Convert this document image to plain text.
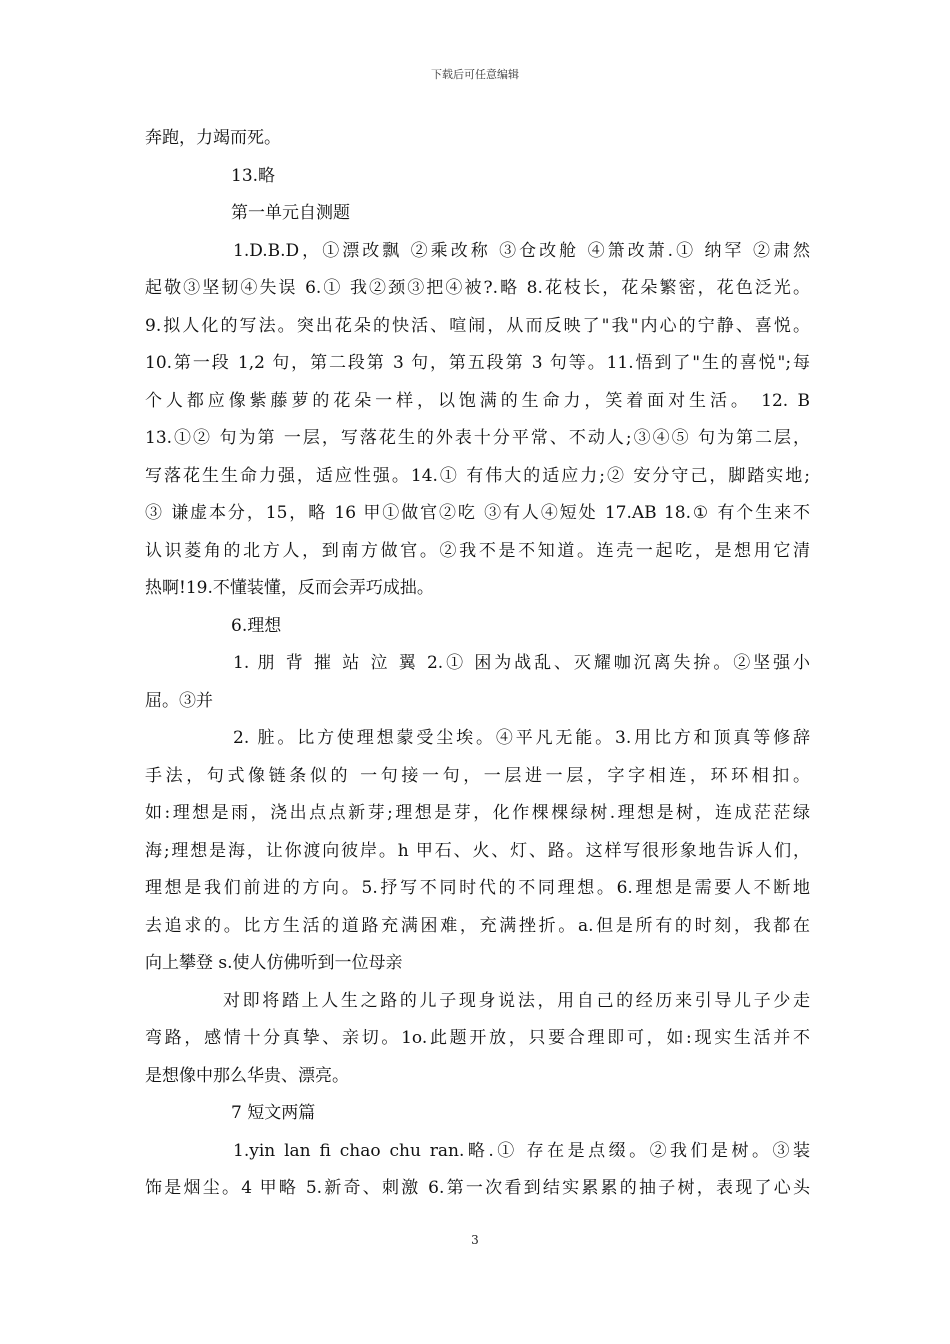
下载后可任意编辑
奔跑，力竭而死。
13.略
第一单元自测题
1.D.B.D，①漂改飘 ②乘改称 ③仓改舱 ④箫改萧.① 纳罕 ②肃然
起敬③坚韧④失误 6.① 我②颈③把④被?.略 8.花枝长，花朵繁密，花色泛光。
9.拟人化的写法。突出花朵的快活、喧闹，从而反映了"我"内心的宁静、喜悦。
10.第一段 1,2 句，第二段第 3 句，第五段第 3 句等。11.悟到了"生的喜悦";每
个人都应像紫藤萝的花朵一样，以饱满的生命力，笑着面对生活。 12. B
13.①② 句为第 一层，写落花生的外表十分平常、不动人;③④⑤ 句为第二层，
写落花生生命力强，适应性强。14.① 有伟大的适应力;② 安分守己，脚踏实地;
③ 谦虚本分，15，略 16 甲①做官②吃 ③有人④短处 17.AB 18.① 有个生来不
认识菱角的北方人，到南方做官。②我不是不知道。连壳一起吃，是想用它清
热啊!19.不懂装懂，反而会弄巧成拙。
6.理想
1. 朋 背 摧 站 泣 翼 2.① 困为战乱、灭耀咖沉离失拚。②坚强小
屈。③并
2. 脏。比方使理想蒙受尘埃。④平凡无能。3.用比方和顶真等修辞
手法，句式像链条似的 一句接一句，一层进一层，字字相连，环环相扣。
如:理想是雨，浇出点点新芽;理想是芽，化作棵棵绿树.理想是树，连成茫茫绿
海;理想是海，让你渡向彼岸。h 甲石、火、灯、路。这样写很形象地告诉人们，
理想是我们前进的方向。5.抒写不同时代的不同理想。6.理想是需要人不断地
去追求的。比方生活的道路充满困难，充满挫折。a.但是所有的时刻，我都在
向上攀登 s.使人仿佛听到一位母亲
对即将踏上人生之路的儿子现身说法，用自己的经历来引导儿子少走
弯路，感情十分真挚、亲切。1o.此题开放，只要合理即可，如:现实生活并不
是想像中那么华贵、漂亮。
7 短文两篇
1.yin lan fi chao chu ran.略.① 存在是点缀。②我们是树。③装
饰是烟尘。4 甲略 5.新奇、刺激 6.第一次看到结实累累的抽子树，表现了心头
3
